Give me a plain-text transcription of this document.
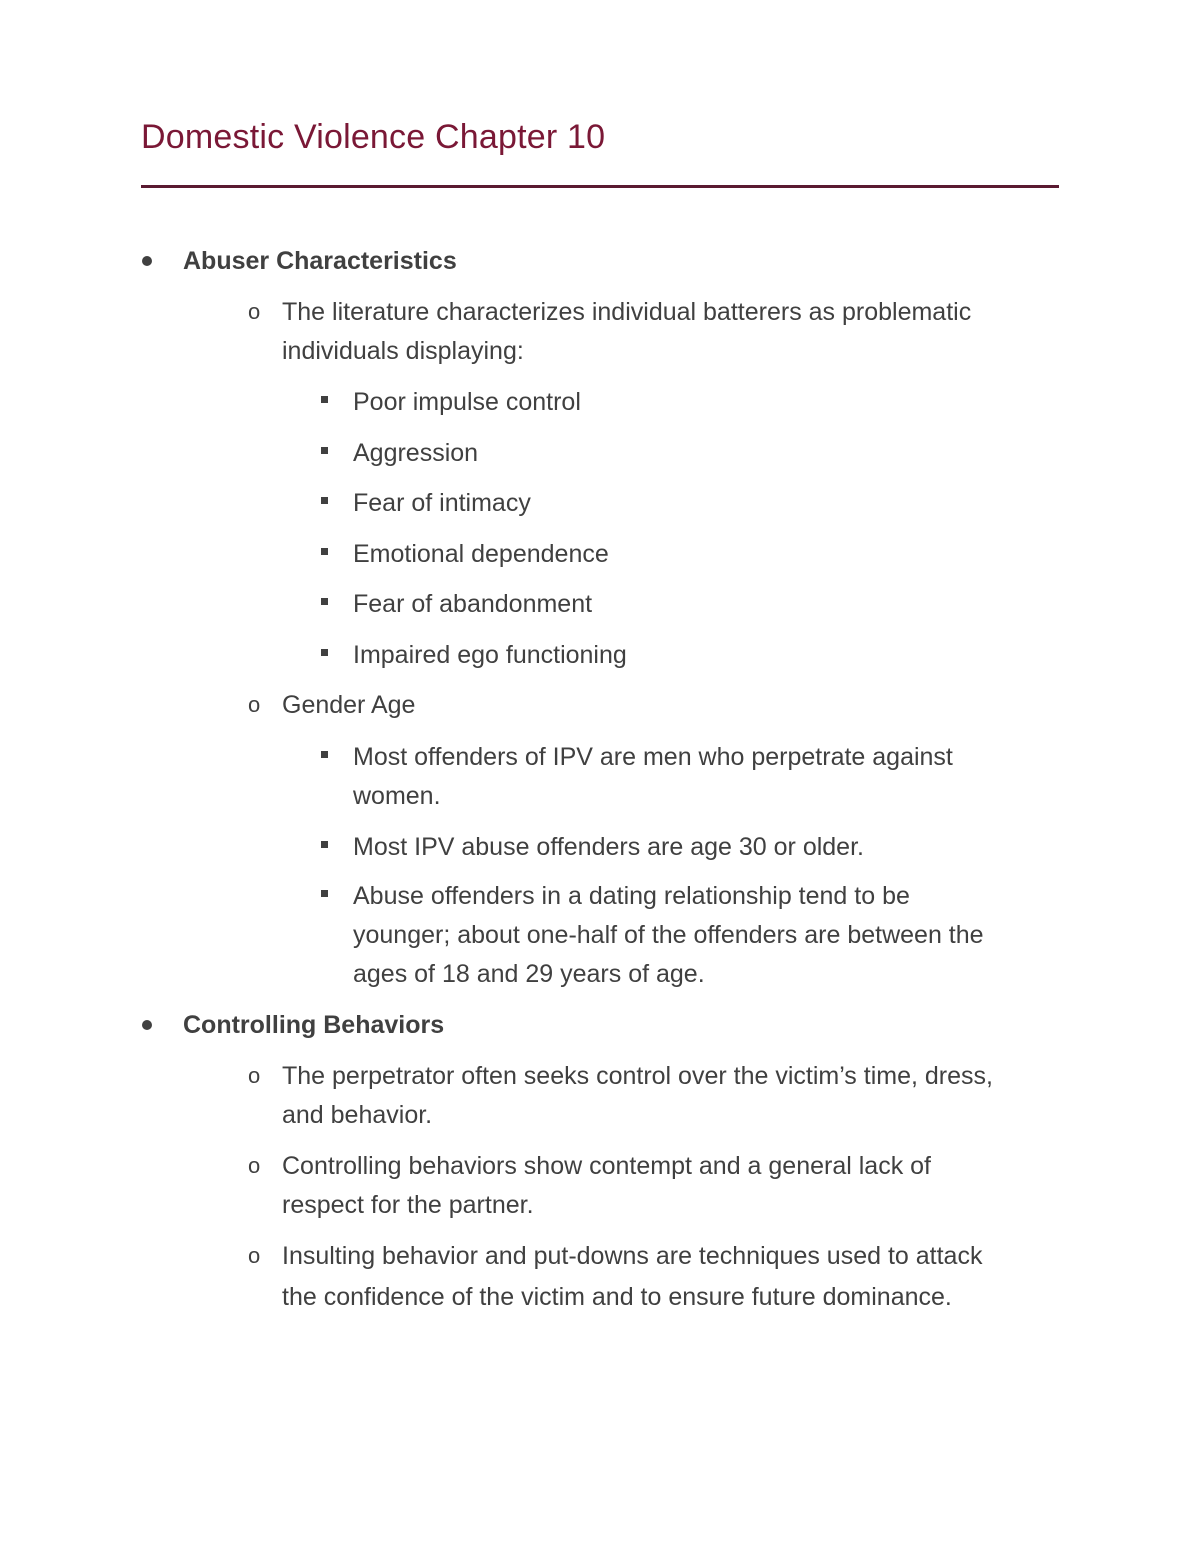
Domestic Violence Chapter 10
Abuser Characteristics
o The literature characterizes individual batterers as problematic
individuals displaying:
Poor impulse control
Aggression
Fear of intimacy
Emotional dependence
Fear of abandonment
Impaired ego functioning
o Gender Age
Most offenders of IPV are men who perpetrate against
women.
Most IPV abuse offenders are age 30 or older.
Abuse offenders in a dating relationship tend to be
younger; about one-half of the offenders are between the
ages of 18 and 29 years of age.
Controlling Behaviors
o The perpetrator often seeks control over the victim’s time, dress,
and behavior.
o Controlling behaviors show contempt and a general lack of
respect for the partner.
o Insulting behavior and put-downs are techniques used to attack
the confidence of the victim and to ensure future dominance.
